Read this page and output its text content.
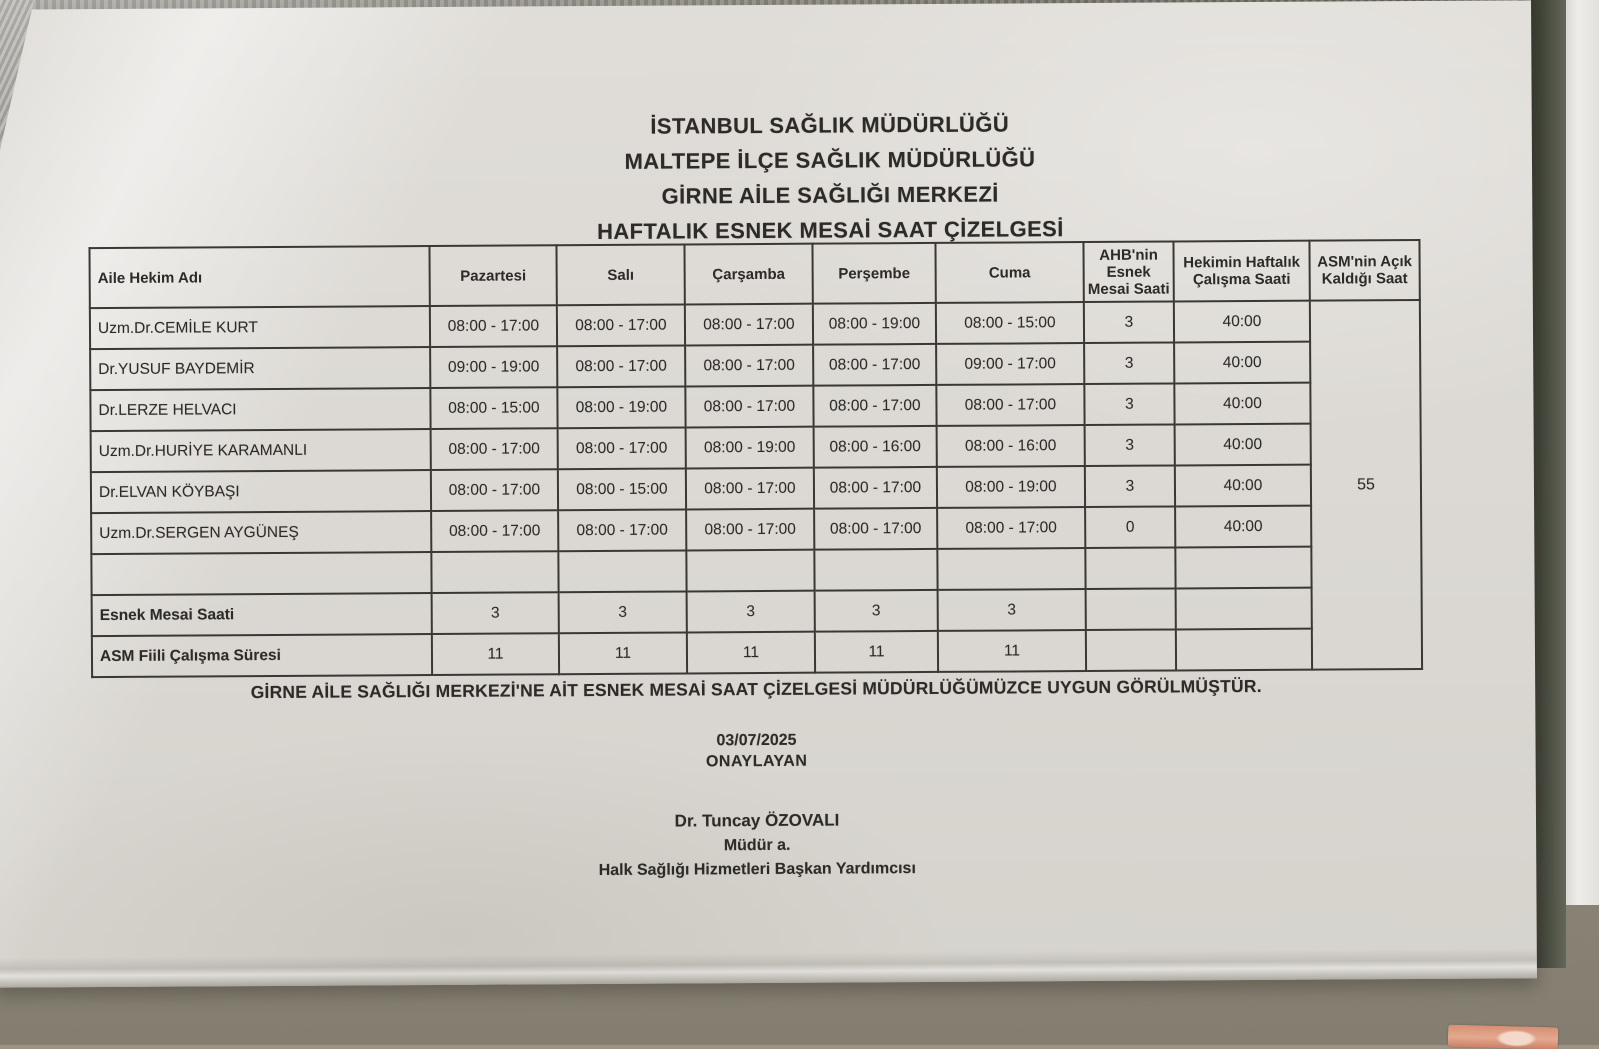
İSTANBUL SAĞLIK MÜDÜRLÜĞÜ
MALTEPE İLÇE SAĞLIK MÜDÜRLÜĞÜ
GİRNE AİLE SAĞLIĞI MERKEZİ
HAFTALIK ESNEK MESAİ SAAT ÇİZELGESİ
Aile Hekim Adı	Pazartesi	Salı	Çarşamba	Perşembe	Cuma	AHB'nin Esnek Mesai Saati	Hekimin Haftalık Çalışma Saati	ASM'nin Açık Kaldığı Saat
Uzm.Dr.CEMİLE KURT	08:00 - 17:00	08:00 - 17:00	08:00 - 17:00	08:00 - 19:00	08:00 - 15:00	3	40:00	55
Dr.YUSUF BAYDEMİR	09:00 - 19:00	08:00 - 17:00	08:00 - 17:00	08:00 - 17:00	09:00 - 17:00	3	40:00	
Dr.LERZE HELVACI	08:00 - 15:00	08:00 - 19:00	08:00 - 17:00	08:00 - 17:00	08:00 - 17:00	3	40:00	
Uzm.Dr.HURİYE KARAMANLI	08:00 - 17:00	08:00 - 17:00	08:00 - 19:00	08:00 - 16:00	08:00 - 16:00	3	40:00	
Dr.ELVAN KÖYBAŞI	08:00 - 17:00	08:00 - 15:00	08:00 - 17:00	08:00 - 17:00	08:00 - 19:00	3	40:00	
Uzm.Dr.SERGEN AYGÜNEŞ	08:00 - 17:00	08:00 - 17:00	08:00 - 17:00	08:00 - 17:00	08:00 - 17:00	0	40:00	

Esnek Mesai Saati	3	3	3	3	3			
ASM Fiili Çalışma Süresi	11	11	11	11	11			
GİRNE AİLE SAĞLIĞI MERKEZİ'NE AİT ESNEK MESAİ SAAT ÇİZELGESİ MÜDÜRLÜĞÜMÜZCE UYGUN GÖRÜLMÜŞTÜR.
03/07/2025
ONAYLAYAN
Dr. Tuncay ÖZOVALI
Müdür a.
Halk Sağlığı Hizmetleri Başkan Yardımcısı
